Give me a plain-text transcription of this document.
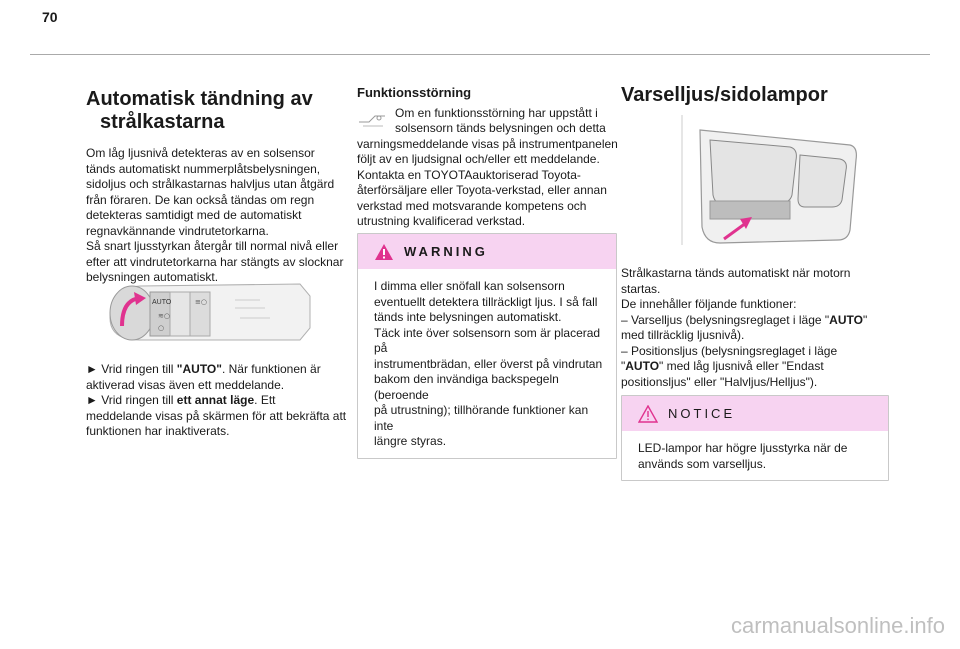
70
Automatisk tändning av
strålkastarna

Om låg ljusnivå detekteras av en solsensor
tänds automatiskt nummerplåtsbelysningen,
sidoljus och strålkastarnas halvljus utan åtgärd
från föraren. De kan också tändas om regn
detekteras samtidigt med de automatiskt
regnavkännande vindrutetorkarna.
Så snart ljusstyrkan återgår till normal nivå eller
efter att vindrutetorkarna har stängts av slocknar
belysningen automatiskt.

AUTO
≋○
○
≡○

► Vrid ringen till "AUTO". När funktionen är
aktiverad visas även ett meddelande.

► Vrid ringen till ett annat läge. Ett
meddelande visas på skärmen för att bekräfta att
funktionen har inaktiverats.

Funktionsstörning

Om en funktionsstörning har uppstått i
solsensorn tänds belysningen och detta
varningsmeddelande visas på instrumentpanelen
följt av en ljudsignal och/eller ett meddelande.
Kontakta en TOYOTAauktoriserad Toyota-
återförsäljare eller Toyota-verkstad, eller annan
verkstad med motsvarande kompetens och
utrustning kvalificerad verkstad.

WARNING
I dimma eller snöfall kan solsensorn
eventuellt detektera tillräckligt ljus. I så fall
tänds inte belysningen automatiskt.
Täck inte över solsensorn som är placerad på
instrumentbrädan, eller överst på vindrutan
bakom den invändiga backspegeln (beroende
på utrustning); tillhörande funktioner kan inte
längre styras.
Varselljus/sidolampor
Strålkastarna tänds automatiskt när motorn
startas.
De innehåller följande funktioner:
– Varselljus (belysningsreglaget i läge "AUTO"
med tillräcklig ljusnivå).
– Positionsljus (belysningsreglaget i läge
"AUTO" med låg ljusnivå eller "Endast
positionsljus" eller "Halvljus/Helljus").
NOTICE
LED-lampor har högre ljusstyrka när de
används som varselljus.
carmanualsonline.info
